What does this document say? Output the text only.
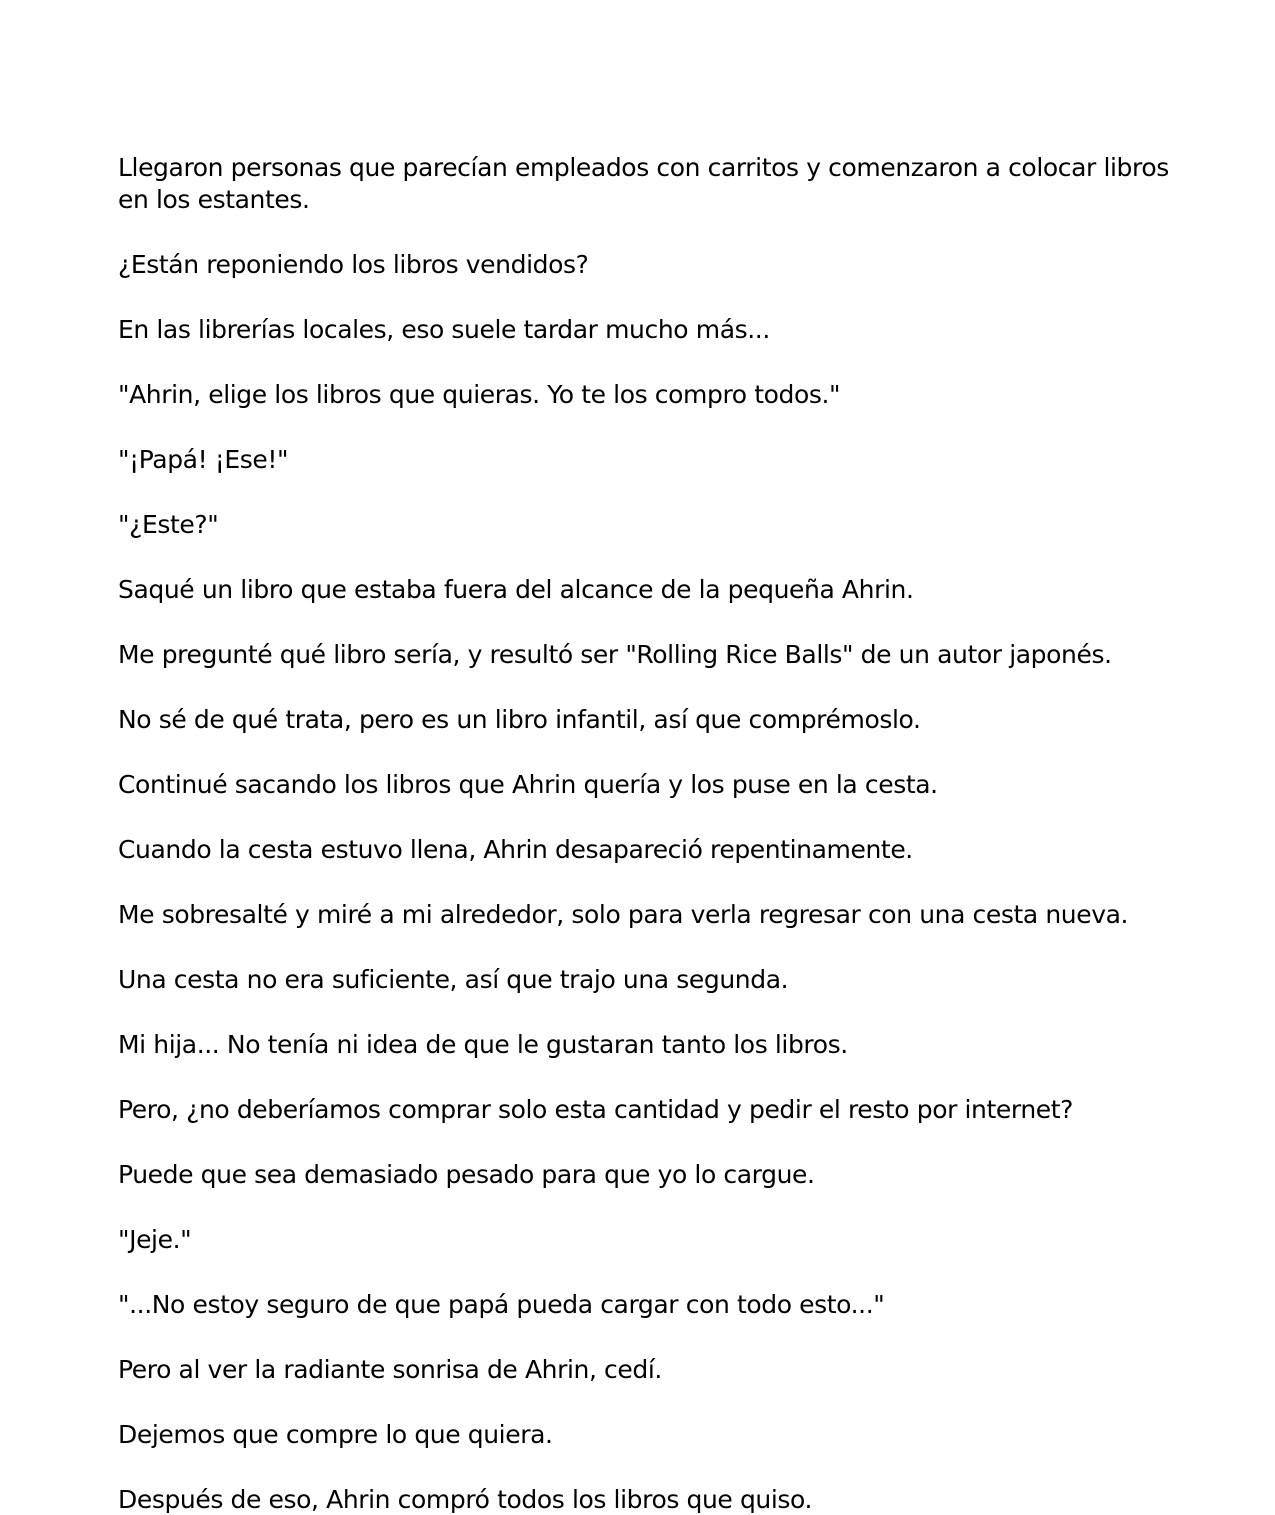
Llegaron personas que parecían empleados con carritos y comenzaron a colocar libros en los estantes.

¿Están reponiendo los libros vendidos?

En las librerías locales, eso suele tardar mucho más...

"Ahrin, elige los libros que quieras. Yo te los compro todos."

"¡Papá! ¡Ese!"

"¿Este?"

Saqué un libro que estaba fuera del alcance de la pequeña Ahrin.

Me pregunté qué libro sería, y resultó ser "Rolling Rice Balls" de un autor japonés.

No sé de qué trata, pero es un libro infantil, así que comprémoslo.

Continué sacando los libros que Ahrin quería y los puse en la cesta.

Cuando la cesta estuvo llena, Ahrin desapareció repentinamente.

Me sobresalté y miré a mi alrededor, solo para verla regresar con una cesta nueva.

Una cesta no era suficiente, así que trajo una segunda.

Mi hija... No tenía ni idea de que le gustaran tanto los libros.

Pero, ¿no deberíamos comprar solo esta cantidad y pedir el resto por internet?

Puede que sea demasiado pesado para que yo lo cargue.

"Jeje."

"...No estoy seguro de que papá pueda cargar con todo esto..."

Pero al ver la radiante sonrisa de Ahrin, cedí.

Dejemos que compre lo que quiera.

Después de eso, Ahrin compró todos los libros que quiso.
